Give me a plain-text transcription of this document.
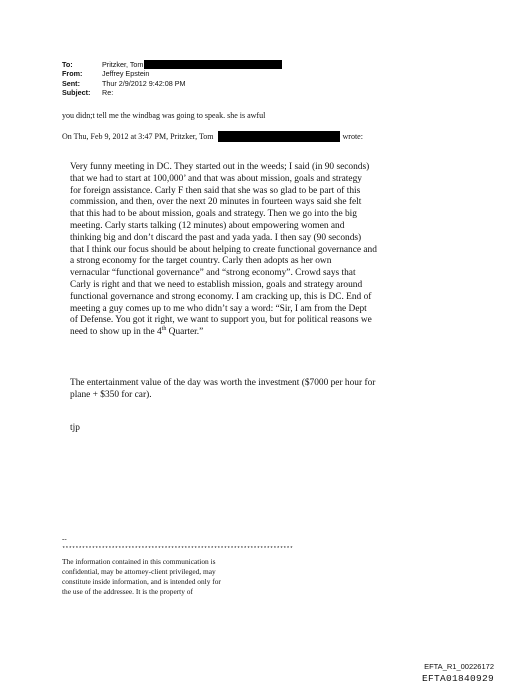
To:	Pritzker, Tom
From:	Jeffrey Epstein
Sent:	Thur 2/9/2012 9:42:08 PM
Subject:	Re:
you didn;t tell me the windbag was going to speak. she is awful
On Thu, Feb 9, 2012 at 3:47 PM, Pritzker, Tom	wrote:
Very funny meeting in DC. They started out in the weeds; I said (in 90 seconds)
that we had to start at 100,000’ and that was about mission, goals and strategy
for foreign assistance. Carly F then said that she was so glad to be part of this
commission, and then, over the next 20 minutes in fourteen ways said she felt
that this had to be about mission, goals and strategy. Then we go into the big
meeting. Carly starts talking (12 minutes) about empowering women and
thinking big and don’t discard the past and yada yada. I then say (90 seconds)
that I think our focus should be about helping to create functional governance and
a strong economy for the target country. Carly then adopts as her own
vernacular “functional governance” and “strong economy”. Crowd says that
Carly is right and that we need to establish mission, goals and strategy around
functional governance and strong economy. I am cracking up, this is DC. End of
meeting a guy comes up to me who didn’t say a word: “Sir, I am from the Dept
of Defense. You got it right, we want to support you, but for political reasons we
need to show up in the 4th Quarter.”
The entertainment value of the day was worth the investment ($7000 per hour for
plane + $350 for car).
tjp
--
**********************************************************************
The information contained in this communication is
confidential, may be attorney-client privileged, may
constitute inside information, and is intended only for
the use of the addressee. It is the property of
EFTA_R1_00226172
EFTA01840929
